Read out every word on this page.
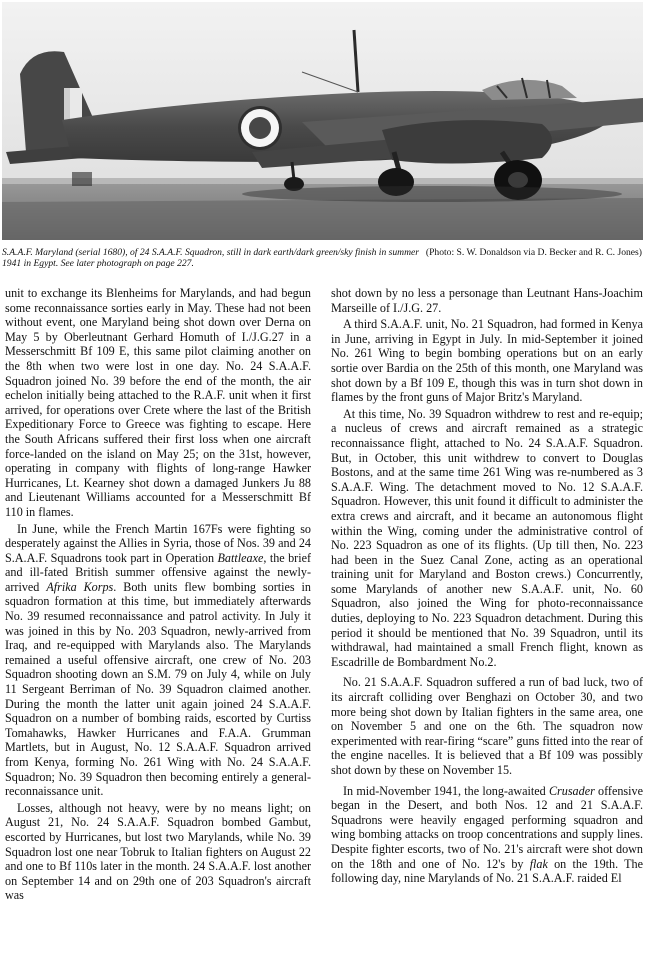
(Photo: S. W. Donaldson via D. Becker and R. C. Jones)
S.A.A.F. Maryland (serial 1680), of 24 S.A.A.F. Squadron, still in dark earth/dark green/sky finish in summer 1941 in Egypt. See later photograph on page 227.

unit to exchange its Blenheims for Marylands, and had begun some reconnaissance sorties early in May. These had not been without event, one Maryland being shot down over Derna on May 5 by Oberleutnant Gerhard Homuth of I./J.G.27 in a Messerschmitt Bf 109 E, this same pilot claiming another on the 8th when two were lost in one day. No. 24 S.A.A.F. Squadron joined No. 39 before the end of the month, the air echelon initially being attached to the R.A.F. unit when it first arrived, for operations over Crete where the last of the British Expeditionary Force to Greece was fighting to escape. Here the South Africans suffered their first loss when one aircraft force-landed on the island on May 25; on the 31st, however, operating in company with flights of long-range Hawker Hurricanes, Lt. Kearney shot down a damaged Junkers Ju 88 and Lieutenant Williams accounted for a Messerschmitt Bf 110 in flames.

In June, while the French Martin 167Fs were fighting so desperately against the Allies in Syria, those of Nos. 39 and 24 S.A.A.F. Squadrons took part in Operation Battleaxe, the brief and ill-fated British summer offensive against the newly-arrived Afrika Korps. Both units flew bombing sorties in squadron formation at this time, but immediately afterwards No. 39 resumed reconnaissance and patrol activity. In July it was joined in this by No. 203 Squadron, newly-arrived from Iraq, and re-equipped with Marylands also. The Marylands remained a useful offensive aircraft, one crew of No. 203 Squadron shooting down an S.M. 79 on July 4, while on July 11 Sergeant Berriman of No. 39 Squadron claimed another. During the month the latter unit again joined 24 S.A.A.F. Squadron on a number of bombing raids, escorted by Curtiss Tomahawks, Hawker Hurricanes and F.A.A. Grumman Martlets, but in August, No. 12 S.A.A.F. Squadron arrived from Kenya, forming No. 261 Wing with No. 24 S.A.A.F. Squadron; No. 39 Squadron then becoming entirely a general-reconnaissance unit.

Losses, although not heavy, were by no means light; on August 21, No. 24 S.A.A.F. Squadron bombed Gambut, escorted by Hurricanes, but lost two Marylands, while No. 39 Squadron lost one near Tobruk to Italian fighters on August 22 and one to Bf 110s later in the month. 24 S.A.A.F. lost another on September 14 and on 29th one of 203 Squadron's aircraft was

shot down by no less a personage than Leutnant Hans-Joachim Marseille of I./J.G. 27.

A third S.A.A.F. unit, No. 21 Squadron, had formed in Kenya in June, arriving in Egypt in July. In mid-September it joined No. 261 Wing to begin bombing operations but on an early sortie over Bardia on the 25th of this month, one Maryland was shot down by a Bf 109 E, though this was in turn shot down in flames by the front guns of Major Britz's Maryland.

At this time, No. 39 Squadron withdrew to rest and re-equip; a nucleus of crews and aircraft remained as a strategic reconnaissance flight, attached to No. 24 S.A.A.F. Squadron. But, in October, this unit withdrew to convert to Douglas Bostons, and at the same time 261 Wing was re-numbered as 3 S.A.A.F. Wing. The detachment moved to No. 12 S.A.A.F. Squadron. However, this unit found it difficult to administer the extra crews and aircraft, and it became an autonomous flight within the Wing, coming under the administrative control of No. 223 Squadron as one of its flights. (Up till then, No. 223 had been in the Suez Canal Zone, acting as an operational training unit for Maryland and Boston crews.) Concurrently, some Marylands of another new S.A.A.F. unit, No. 60 Squadron, also joined the Wing for photo-reconnaissance duties, deploying to No. 223 Squadron detachment. During this period it should be mentioned that No. 39 Squadron, until its withdrawal, had maintained a small French flight, known as Escadrille de Bombardment No.2.

No. 21 S.A.A.F. Squadron suffered a run of bad luck, two of its aircraft colliding over Benghazi on October 30, and two more being shot down by Italian fighters in the same area, one on November 5 and one on the 6th. The squadron now experimented with rear-firing “scare” guns fitted into the rear of the engine nacelles. It is believed that a Bf 109 was possibly shot down by these on November 15.

In mid-November 1941, the long-awaited Crusader offensive began in the Desert, and both Nos. 12 and 21 S.A.A.F. Squadrons were heavily engaged performing squadron and wing bombing attacks on troop concentrations and supply lines. Despite fighter escorts, two of No. 21's aircraft were shot down on the 18th and one of No. 12's by flak on the 19th. The following day, nine Marylands of No. 21 S.A.A.F. raided El
